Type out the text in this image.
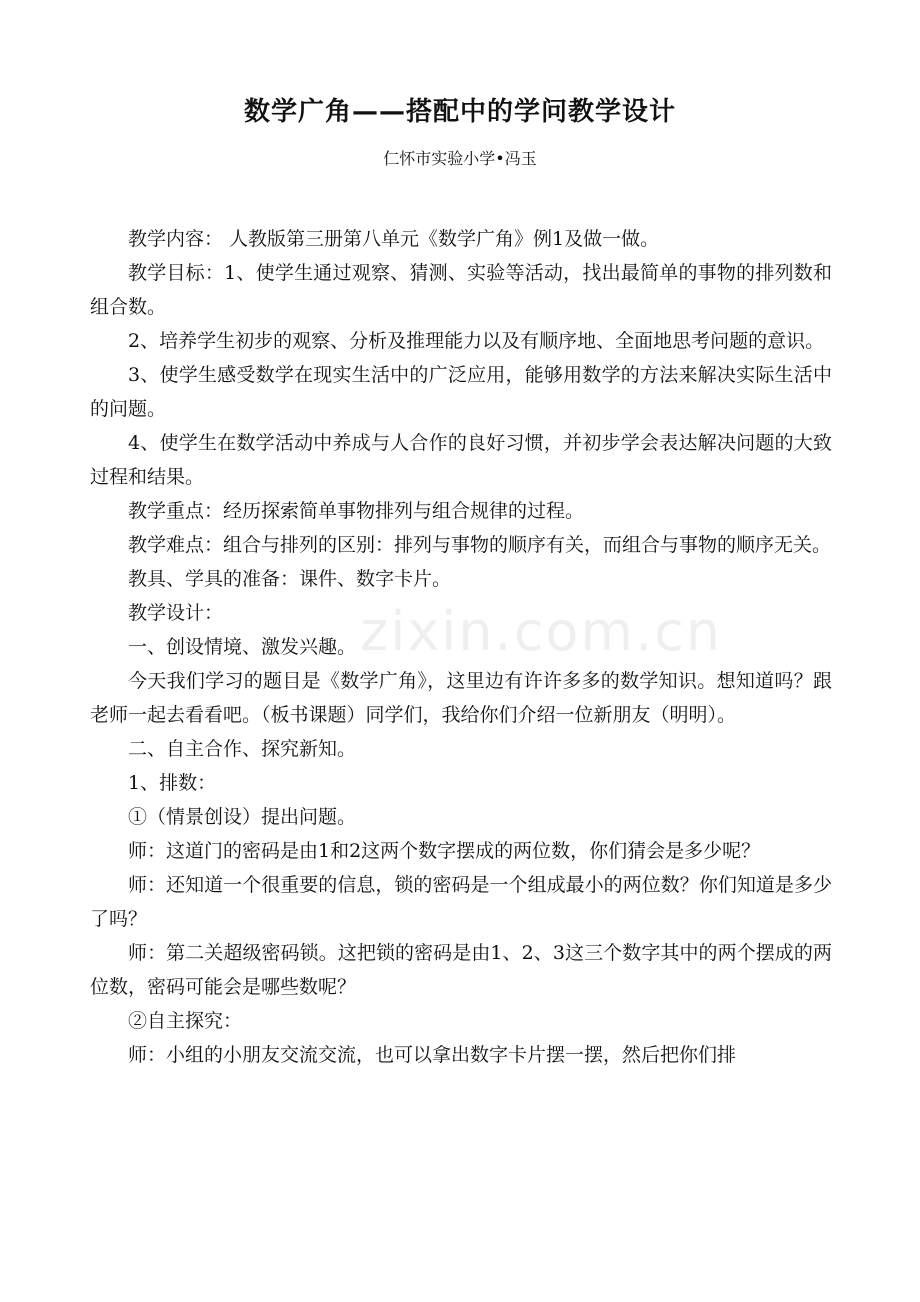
数学广角——搭配中的学问教学设计
仁怀市实验小学•冯玉

教学内容： 人教版第三册第八单元《数学广角》例1及做一做。

教学目标：1、使学生通过观察、猜测、实验等活动，找出最简单的事物的排列数和组合数。

2、培养学生初步的观察、分析及推理能力以及有顺序地、全面地思考问题的意识。

3、使学生感受数学在现实生活中的广泛应用，能够用数学的方法来解决实际生活中的问题。

4、使学生在数学活动中养成与人合作的良好习惯，并初步学会表达解决问题的大致过程和结果。

教学重点：经历探索简单事物排列与组合规律的过程。

教学难点：组合与排列的区别：排列与事物的顺序有关，而组合与事物的顺序无关。

教具、学具的准备：课件、数字卡片。

教学设计：

一、创设情境、激发兴趣。

今天我们学习的题目是《数学广角》，这里边有许许多多的数学知识。想知道吗？跟老师一起去看看吧。（板书课题）同学们，我给你们介绍一位新朋友（明明）。

二、自主合作、探究新知。

1、排数：

①（情景创设）提出问题。

师：这道门的密码是由1和2这两个数字摆成的两位数，你们猜会是多少呢？

师：还知道一个很重要的信息，锁的密码是一个组成最小的两位数？你们知道是多少了吗？

师：第二关超级密码锁。这把锁的密码是由1、2、3这三个数字其中的两个摆成的两位数，密码可能会是哪些数呢？

②自主探究：

师：小组的小朋友交流交流，也可以拿出数字卡片摆一摆，然后把你们排

zixin.com.cn
